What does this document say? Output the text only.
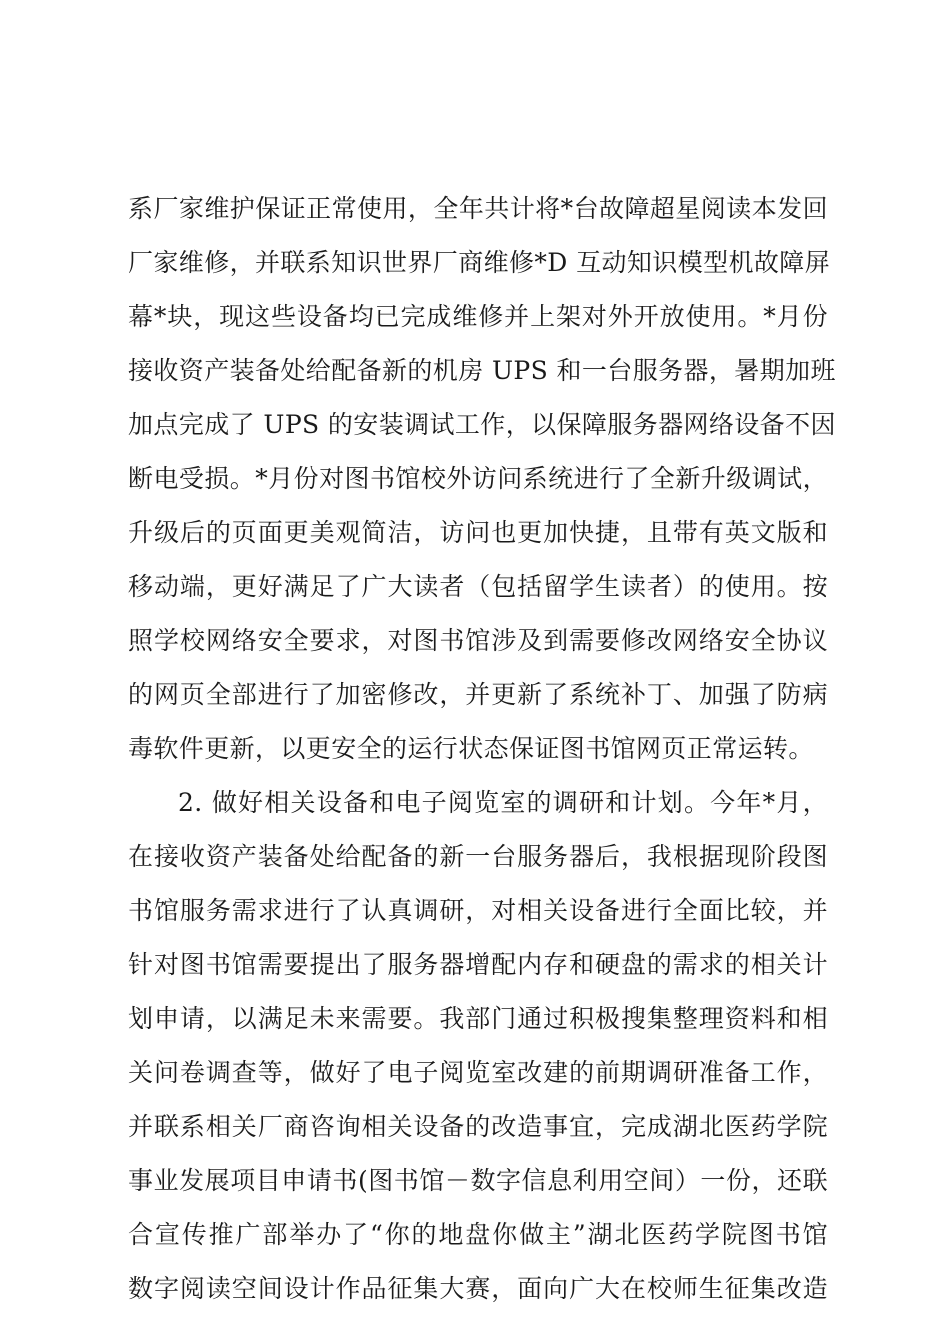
系厂家维护保证正常使用，全年共计将*台故障超星阅读本发回
厂家维修，并联系知识世界厂商维修*D 互动知识模型机故障屏
幕*块，现这些设备均已完成维修并上架对外开放使用。*月份
接收资产装备处给配备新的机房 UPS 和一台服务器，暑期加班
加点完成了 UPS 的安装调试工作，以保障服务器网络设备不因
断电受损。*月份对图书馆校外访问系统进行了全新升级调试，
升级后的页面更美观简洁，访问也更加快捷，且带有英文版和
移动端，更好满足了广大读者（包括留学生读者）的使用。按
照学校网络安全要求，对图书馆涉及到需要修改网络安全协议
的网页全部进行了加密修改，并更新了系统补丁、加强了防病
毒软件更新，以更安全的运行状态保证图书馆网页正常运转。
2. 做好相关设备和电子阅览室的调研和计划。今年*月，
在接收资产装备处给配备的新一台服务器后，我根据现阶段图
书馆服务需求进行了认真调研，对相关设备进行全面比较，并
针对图书馆需要提出了服务器增配内存和硬盘的需求的相关计
划申请，以满足未来需要。我部门通过积极搜集整理资料和相
关问卷调查等，做好了电子阅览室改建的前期调研准备工作，
并联系相关厂商咨询相关设备的改造事宜，完成湖北医药学院
事业发展项目申请书(图书馆－数字信息利用空间）一份，还联
合宣传推广部举办了“你的地盘你做主”湖北医药学院图书馆
数字阅读空间设计作品征集大赛，面向广大在校师生征集改造
